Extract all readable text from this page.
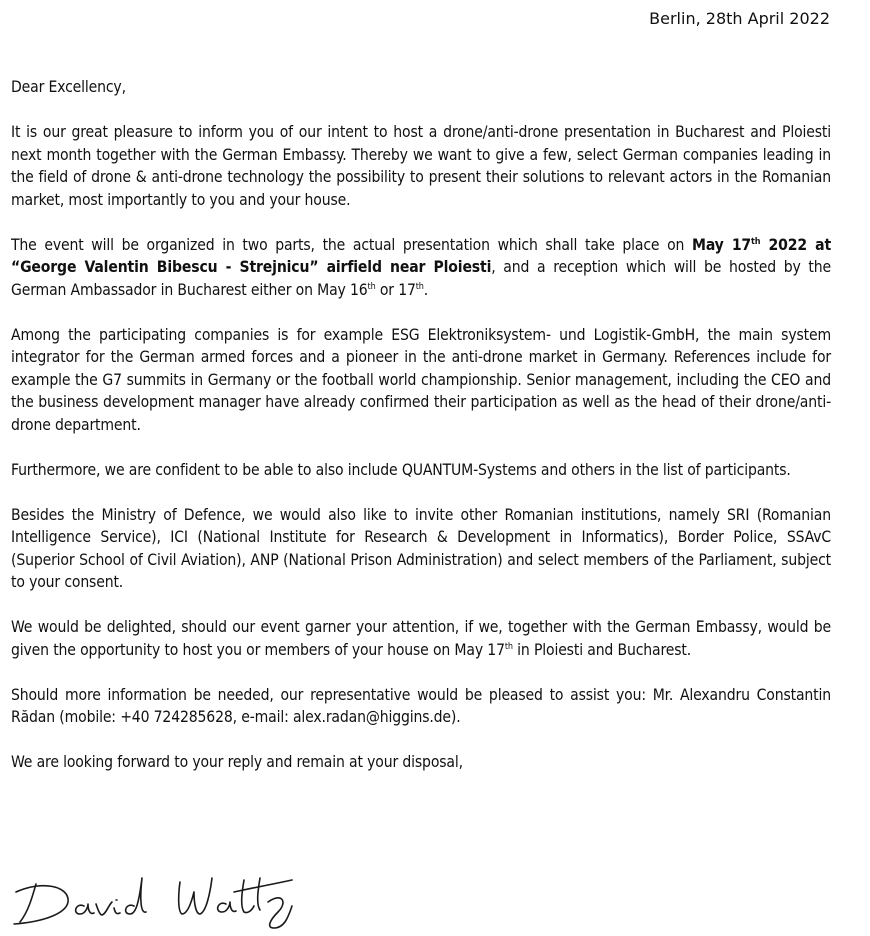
Berlin, 28th April 2022

Dear Excellency,

It is our great pleasure to inform you of our intent to host a drone/anti-drone presentation in Bucharest and Ploiesti next month together with the German Embassy. Thereby we want to give a few, select German companies leading in the field of drone & anti-drone technology the possibility to present their solutions to relevant actors in the Romanian market, most importantly to you and your house.

The event will be organized in two parts, the actual presentation which shall take place on May 17th 2022 at “George Valentin Bibescu - Strejnicu” airfield near Ploiesti, and a reception which will be hosted by the German Ambassador in Bucharest either on May 16th or 17th.

Among the participating companies is for example ESG Elektroniksystem- und Logistik-GmbH, the main system integrator for the German armed forces and a pioneer in the anti-drone market in Germany. References include for example the G7 summits in Germany or the football world championship. Senior management, including the CEO and the business development manager have already confirmed their participation as well as the head of their drone/anti-drone department.

Furthermore, we are confident to be able to also include QUANTUM-Systems and others in the list of participants.

Besides the Ministry of Defence, we would also like to invite other Romanian institutions, namely SRI (Romanian Intelligence Service), ICI (National Institute for Research & Development in Informatics), Border Police, SSAvC (Superior School of Civil Aviation), ANP (National Prison Administration) and select members of the Parliament, subject to your consent.

We would be delighted, should our event garner your attention, if we, together with the German Embassy, would be given the opportunity to host you or members of your house on May 17th in Ploiesti and Bucharest.

Should more information be needed, our representative would be pleased to assist you: Mr. Alexandru Constantin Rădan (mobile: +40 724285628, e-mail: alex.radan@higgins.de).

We are looking forward to your reply and remain at your disposal,
